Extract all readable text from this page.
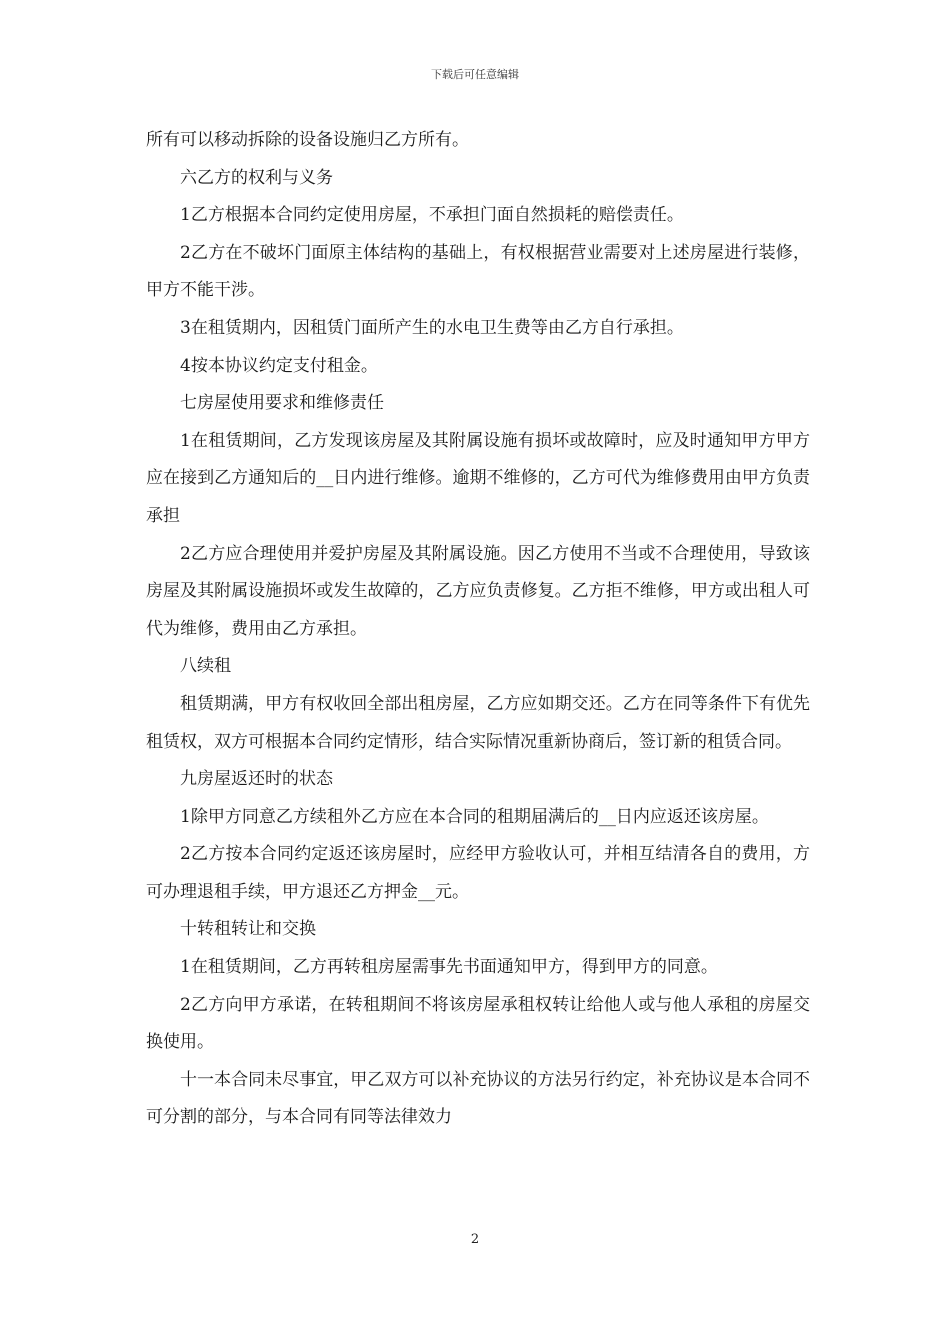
下载后可任意编辑

所有可以移动拆除的设备设施归乙方所有。

六乙方的权利与义务

1乙方根据本合同约定使用房屋，不承担门面自然损耗的赔偿责任。

2乙方在不破坏门面原主体结构的基础上，有权根据营业需要对上述房屋进行装修，甲方不能干涉。

3在租赁期内，因租赁门面所产生的水电卫生费等由乙方自行承担。

4按本协议约定支付租金。

七房屋使用要求和维修责任

1在租赁期间，乙方发现该房屋及其附属设施有损坏或故障时，应及时通知甲方甲方应在接到乙方通知后的__日内进行维修。逾期不维修的，乙方可代为维修费用由甲方负责承担

2乙方应合理使用并爱护房屋及其附属设施。因乙方使用不当或不合理使用，导致该房屋及其附属设施损坏或发生故障的，乙方应负责修复。乙方拒不维修，甲方或出租人可代为维修，费用由乙方承担。

八续租

租赁期满，甲方有权收回全部出租房屋，乙方应如期交还。乙方在同等条件下有优先租赁权，双方可根据本合同约定情形，结合实际情况重新协商后，签订新的租赁合同。

九房屋返还时的状态

1除甲方同意乙方续租外乙方应在本合同的租期届满后的__日内应返还该房屋。

2乙方按本合同约定返还该房屋时，应经甲方验收认可，并相互结清各自的费用，方可办理退租手续，甲方退还乙方押金__元。

十转租转让和交换

1在租赁期间，乙方再转租房屋需事先书面通知甲方，得到甲方的同意。

2乙方向甲方承诺，在转租期间不将该房屋承租权转让给他人或与他人承租的房屋交换使用。

十一本合同未尽事宜，甲乙双方可以补充协议的方法另行约定，补充协议是本合同不可分割的部分，与本合同有同等法律效力

2
